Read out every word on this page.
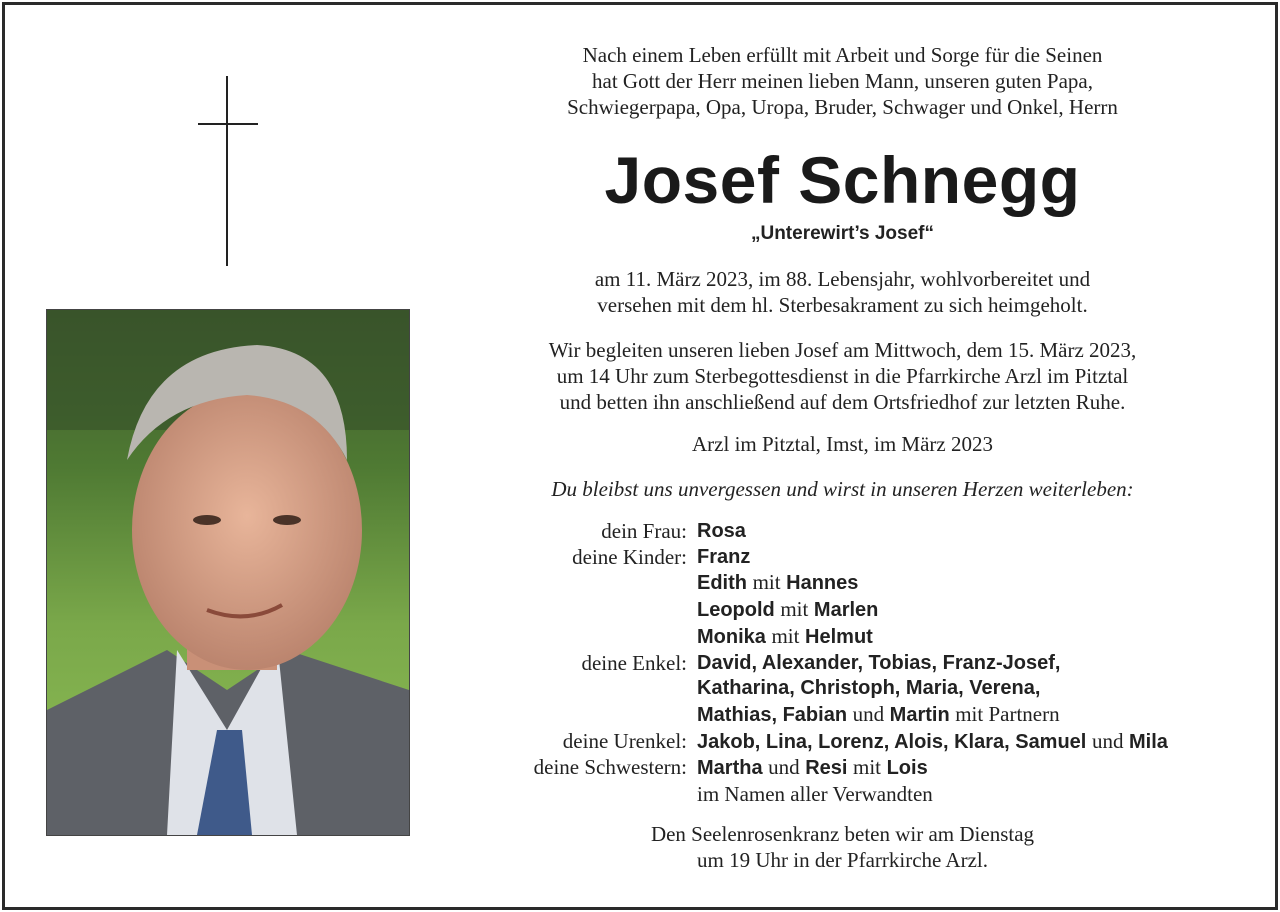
Nach einem Leben erfüllt mit Arbeit und Sorge für die Seinen
hat Gott der Herr meinen lieben Mann, unseren guten Papa,
Schwiegerpapa, Opa, Uropa, Bruder, Schwager und Onkel, Herrn
Josef Schnegg
„Unterewirt’s Josef“
am 11. März 2023, im 88. Lebensjahr, wohlvorbereitet und
versehen mit dem hl. Sterbesakrament zu sich heimgeholt.
Wir begleiten unseren lieben Josef am Mittwoch, dem 15. März 2023,
um 14 Uhr zum Sterbegottesdienst in die Pfarrkirche Arzl im Pitztal
und betten ihn anschließend auf dem Ortsfriedhof zur letzten Ruhe.
Arzl im Pitztal, Imst, im März 2023
Du bleibst uns unvergessen und wirst in unseren Herzen weiterleben:
dein Frau:	Rosa
deine Kinder:	Franz
	Edith mit Hannes
	Leopold mit Marlen
	Monika mit Helmut
deine Enkel:	David, Alexander, Tobias, Franz-Josef,
	Katharina, Christoph, Maria, Verena,
	Mathias, Fabian und Martin mit Partnern
deine Urenkel:	Jakob, Lina, Lorenz, Alois, Klara, Samuel und Mila
deine Schwestern:	Martha und Resi mit Lois
	im Namen aller Verwandten
Den Seelenrosenkranz beten wir am Dienstag
um 19 Uhr in der Pfarrkirche Arzl.
